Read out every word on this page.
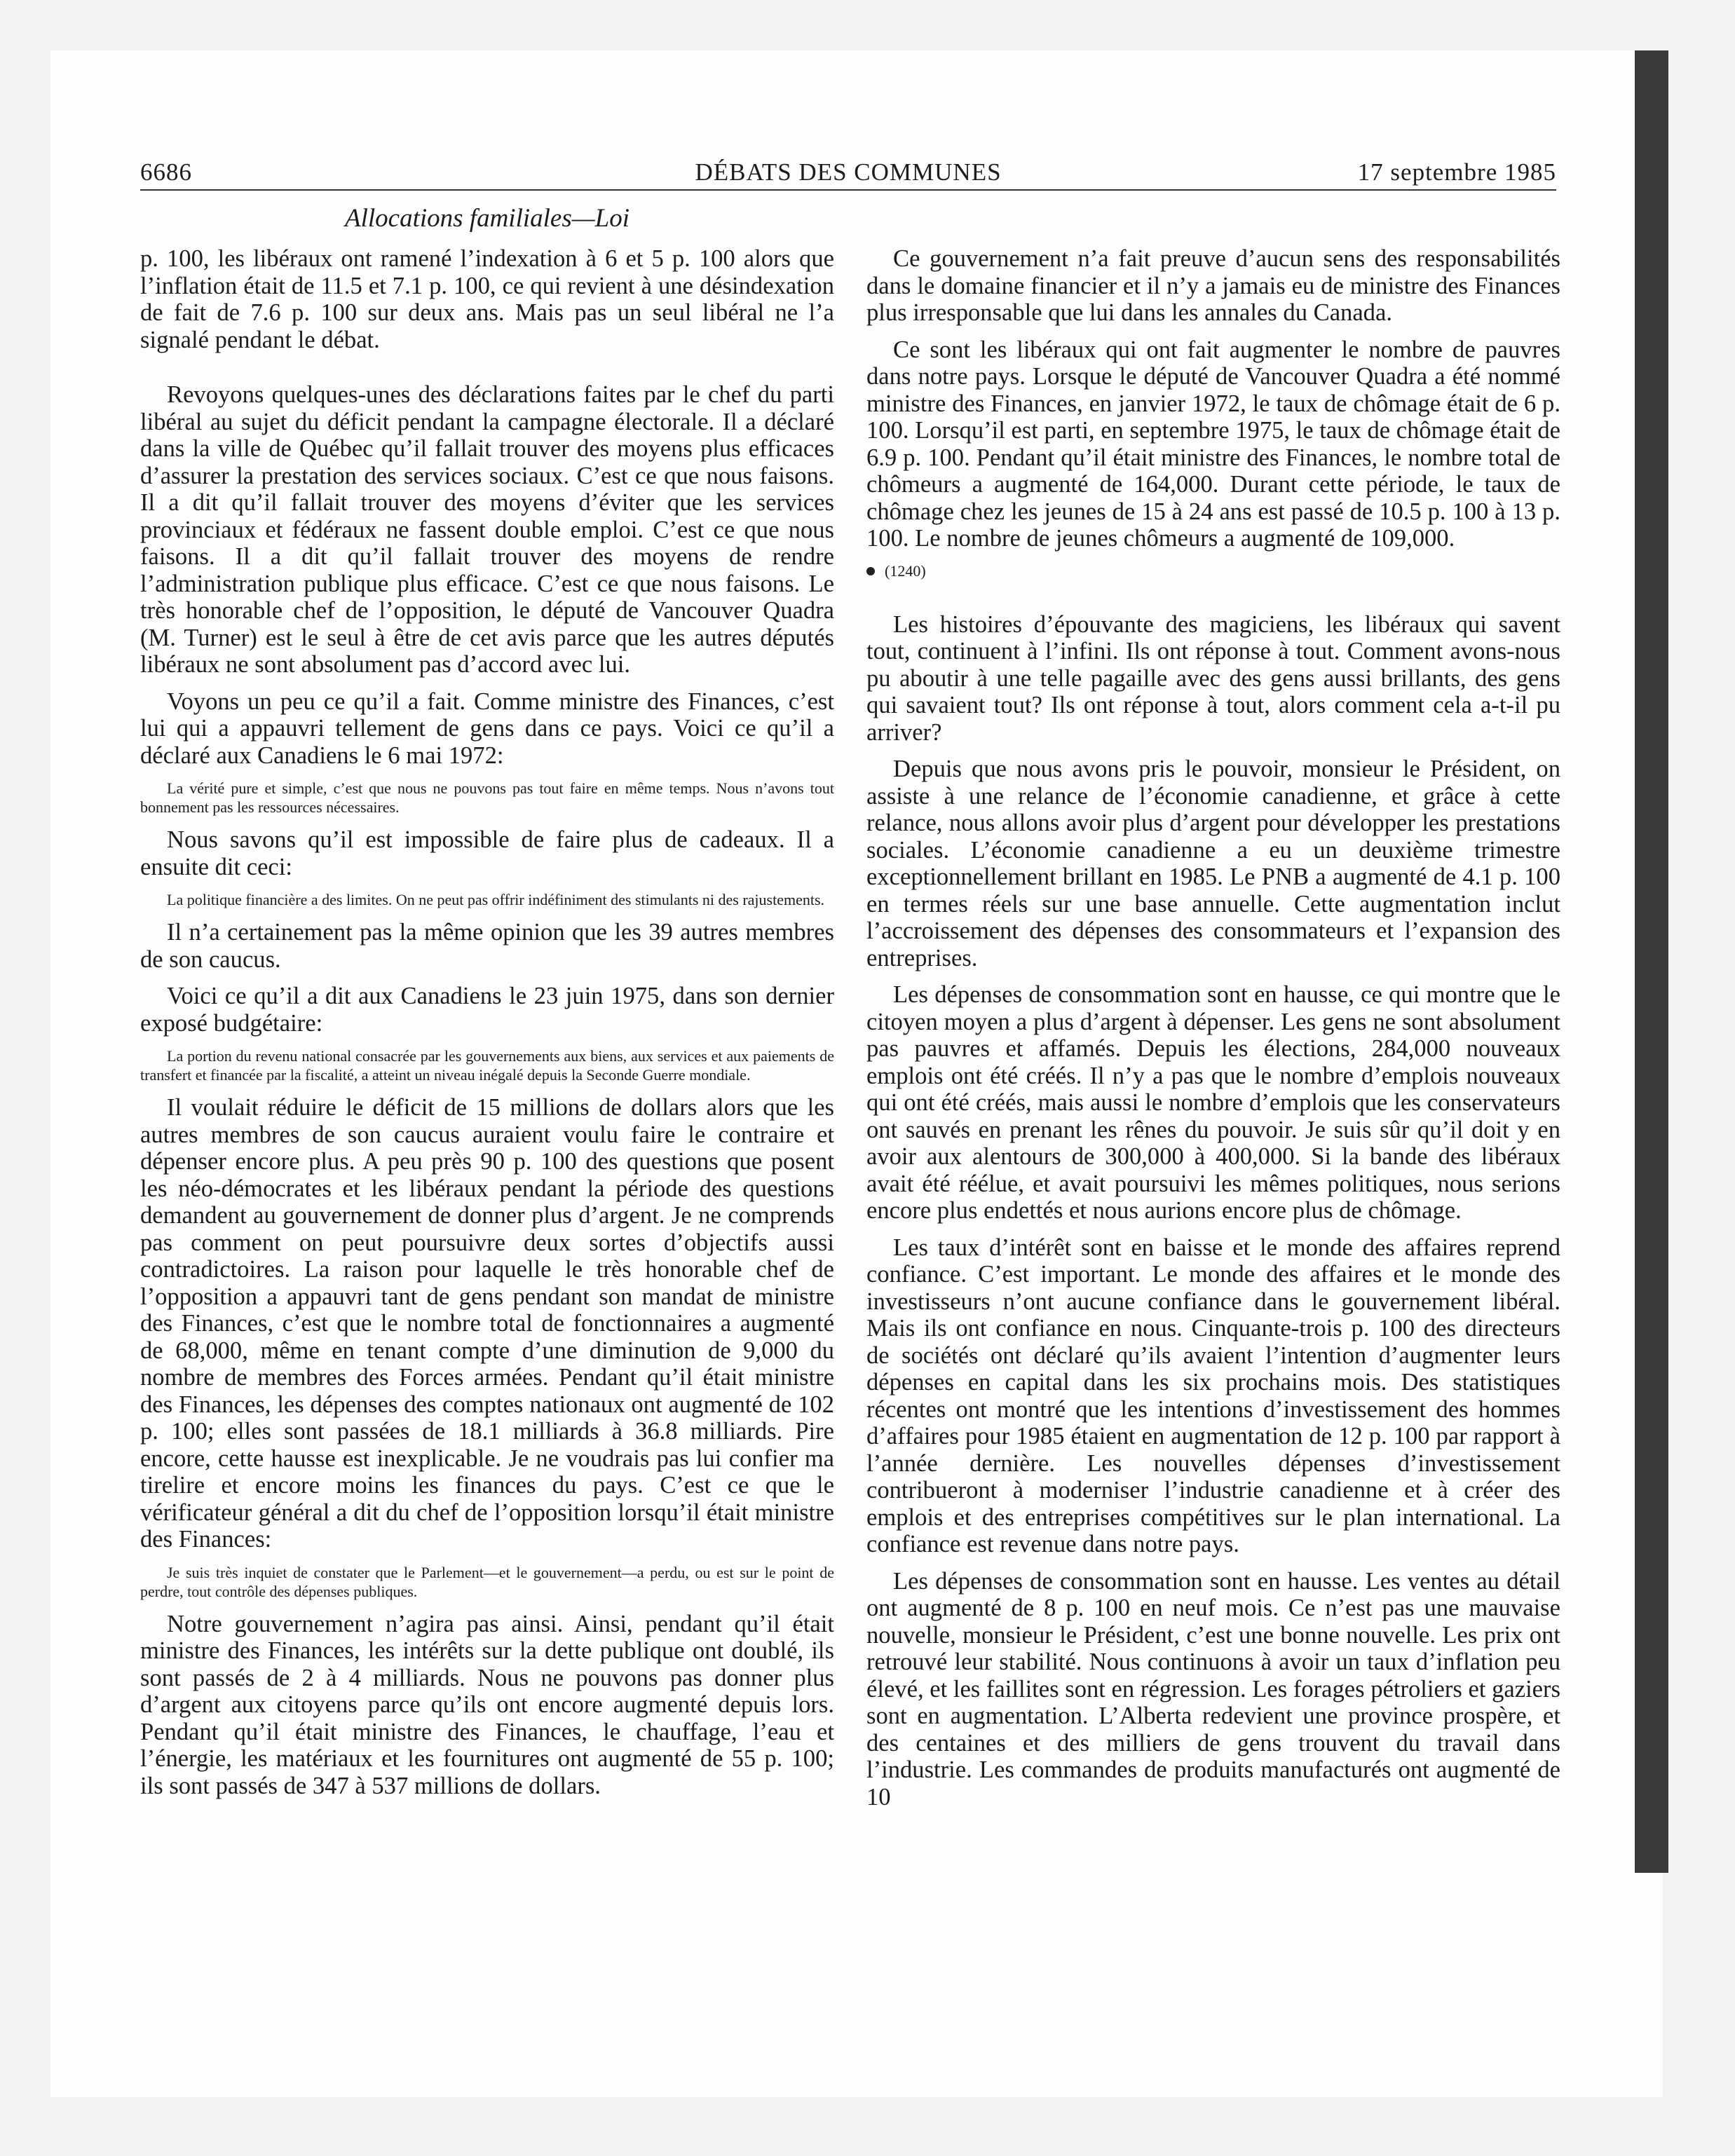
6686	DÉBATS DES COMMUNES	17 septembre 1985
Allocations familiales—Loi

p. 100, les libéraux ont ramené l’indexation à 6 et 5 p. 100 alors que l’inflation était de 11.5 et 7.1 p. 100, ce qui revient à une désindexation de fait de 7.6 p. 100 sur deux ans. Mais pas un seul libéral ne l’a signalé pendant le débat.

Revoyons quelques-unes des déclarations faites par le chef du parti libéral au sujet du déficit pendant la campagne électorale. Il a déclaré dans la ville de Québec qu’il fallait trouver des moyens plus efficaces d’assurer la prestation des services sociaux. C’est ce que nous faisons. Il a dit qu’il fallait trouver des moyens d’éviter que les services provinciaux et fédéraux ne fassent double emploi. C’est ce que nous faisons. Il a dit qu’il fallait trouver des moyens de rendre l’administration publique plus efficace. C’est ce que nous faisons. Le très honorable chef de l’opposition, le député de Vancouver Quadra (M. Turner) est le seul à être de cet avis parce que les autres députés libéraux ne sont absolument pas d’accord avec lui.

Voyons un peu ce qu’il a fait. Comme ministre des Finances, c’est lui qui a appauvri tellement de gens dans ce pays. Voici ce qu’il a déclaré aux Canadiens le 6 mai 1972:

La vérité pure et simple, c’est que nous ne pouvons pas tout faire en même temps. Nous n’avons tout bonnement pas les ressources nécessaires.

Nous savons qu’il est impossible de faire plus de cadeaux. Il a ensuite dit ceci:

La politique financière a des limites. On ne peut pas offrir indéfiniment des stimulants ni des rajustements.

Il n’a certainement pas la même opinion que les 39 autres membres de son caucus.

Voici ce qu’il a dit aux Canadiens le 23 juin 1975, dans son dernier exposé budgétaire:

La portion du revenu national consacrée par les gouvernements aux biens, aux services et aux paiements de transfert et financée par la fiscalité, a atteint un niveau inégalé depuis la Seconde Guerre mondiale.

Il voulait réduire le déficit de 15 millions de dollars alors que les autres membres de son caucus auraient voulu faire le contraire et dépenser encore plus. A peu près 90 p. 100 des questions que posent les néo-démocrates et les libéraux pendant la période des questions demandent au gouvernement de donner plus d’argent. Je ne comprends pas comment on peut poursuivre deux sortes d’objectifs aussi contradictoires. La raison pour laquelle le très honorable chef de l’opposition a appauvri tant de gens pendant son mandat de ministre des Finances, c’est que le nombre total de fonctionnaires a augmenté de 68,000, même en tenant compte d’une diminution de 9,000 du nombre de membres des Forces armées. Pendant qu’il était ministre des Finances, les dépenses des comptes nationaux ont augmenté de 102 p. 100; elles sont passées de 18.1 milliards à 36.8 milliards. Pire encore, cette hausse est inexplicable. Je ne voudrais pas lui confier ma tirelire et encore moins les finances du pays. C’est ce que le vérificateur général a dit du chef de l’opposition lorsqu’il était ministre des Finances:

Je suis très inquiet de constater que le Parlement—et le gouvernement—a perdu, ou est sur le point de perdre, tout contrôle des dépenses publiques.

Notre gouvernement n’agira pas ainsi. Ainsi, pendant qu’il était ministre des Finances, les intérêts sur la dette publique ont doublé, ils sont passés de 2 à 4 milliards. Nous ne pouvons pas donner plus d’argent aux citoyens parce qu’ils ont encore augmenté depuis lors. Pendant qu’il était ministre des Finances, le chauffage, l’eau et l’énergie, les matériaux et les fournitures ont augmenté de 55 p. 100; ils sont passés de 347 à 537 millions de dollars.

Ce gouvernement n’a fait preuve d’aucun sens des responsabilités dans le domaine financier et il n’y a jamais eu de ministre des Finances plus irresponsable que lui dans les annales du Canada.

Ce sont les libéraux qui ont fait augmenter le nombre de pauvres dans notre pays. Lorsque le député de Vancouver Quadra a été nommé ministre des Finances, en janvier 1972, le taux de chômage était de 6 p. 100. Lorsqu’il est parti, en septembre 1975, le taux de chômage était de 6.9 p. 100. Pendant qu’il était ministre des Finances, le nombre total de chômeurs a augmenté de 164,000. Durant cette période, le taux de chômage chez les jeunes de 15 à 24 ans est passé de 10.5 p. 100 à 13 p. 100. Le nombre de jeunes chômeurs a augmenté de 109,000.

(1240)

Les histoires d’épouvante des magiciens, les libéraux qui savent tout, continuent à l’infini. Ils ont réponse à tout. Comment avons-nous pu aboutir à une telle pagaille avec des gens aussi brillants, des gens qui savaient tout? Ils ont réponse à tout, alors comment cela a-t-il pu arriver?

Depuis que nous avons pris le pouvoir, monsieur le Président, on assiste à une relance de l’économie canadienne, et grâce à cette relance, nous allons avoir plus d’argent pour développer les prestations sociales. L’économie canadienne a eu un deuxième trimestre exceptionnellement brillant en 1985. Le PNB a augmenté de 4.1 p. 100 en termes réels sur une base annuelle. Cette augmentation inclut l’accroissement des dépenses des consommateurs et l’expansion des entreprises.

Les dépenses de consommation sont en hausse, ce qui montre que le citoyen moyen a plus d’argent à dépenser. Les gens ne sont absolument pas pauvres et affamés. Depuis les élections, 284,000 nouveaux emplois ont été créés. Il n’y a pas que le nombre d’emplois nouveaux qui ont été créés, mais aussi le nombre d’emplois que les conservateurs ont sauvés en prenant les rênes du pouvoir. Je suis sûr qu’il doit y en avoir aux alentours de 300,000 à 400,000. Si la bande des libéraux avait été réélue, et avait poursuivi les mêmes politiques, nous serions encore plus endettés et nous aurions encore plus de chômage.

Les taux d’intérêt sont en baisse et le monde des affaires reprend confiance. C’est important. Le monde des affaires et le monde des investisseurs n’ont aucune confiance dans le gouvernement libéral. Mais ils ont confiance en nous. Cinquante-trois p. 100 des directeurs de sociétés ont déclaré qu’ils avaient l’intention d’augmenter leurs dépenses en capital dans les six prochains mois. Des statistiques récentes ont montré que les intentions d’investissement des hommes d’affaires pour 1985 étaient en augmentation de 12 p. 100 par rapport à l’année dernière. Les nouvelles dépenses d’investissement contribueront à moderniser l’industrie canadienne et à créer des emplois et des entreprises compétitives sur le plan international. La confiance est revenue dans notre pays.

Les dépenses de consommation sont en hausse. Les ventes au détail ont augmenté de 8 p. 100 en neuf mois. Ce n’est pas une mauvaise nouvelle, monsieur le Président, c’est une bonne nouvelle. Les prix ont retrouvé leur stabilité. Nous continuons à avoir un taux d’inflation peu élevé, et les faillites sont en régression. Les forages pétroliers et gaziers sont en augmentation. L’Alberta redevient une province prospère, et des centaines et des milliers de gens trouvent du travail dans l’industrie. Les commandes de produits manufacturés ont augmenté de 10
